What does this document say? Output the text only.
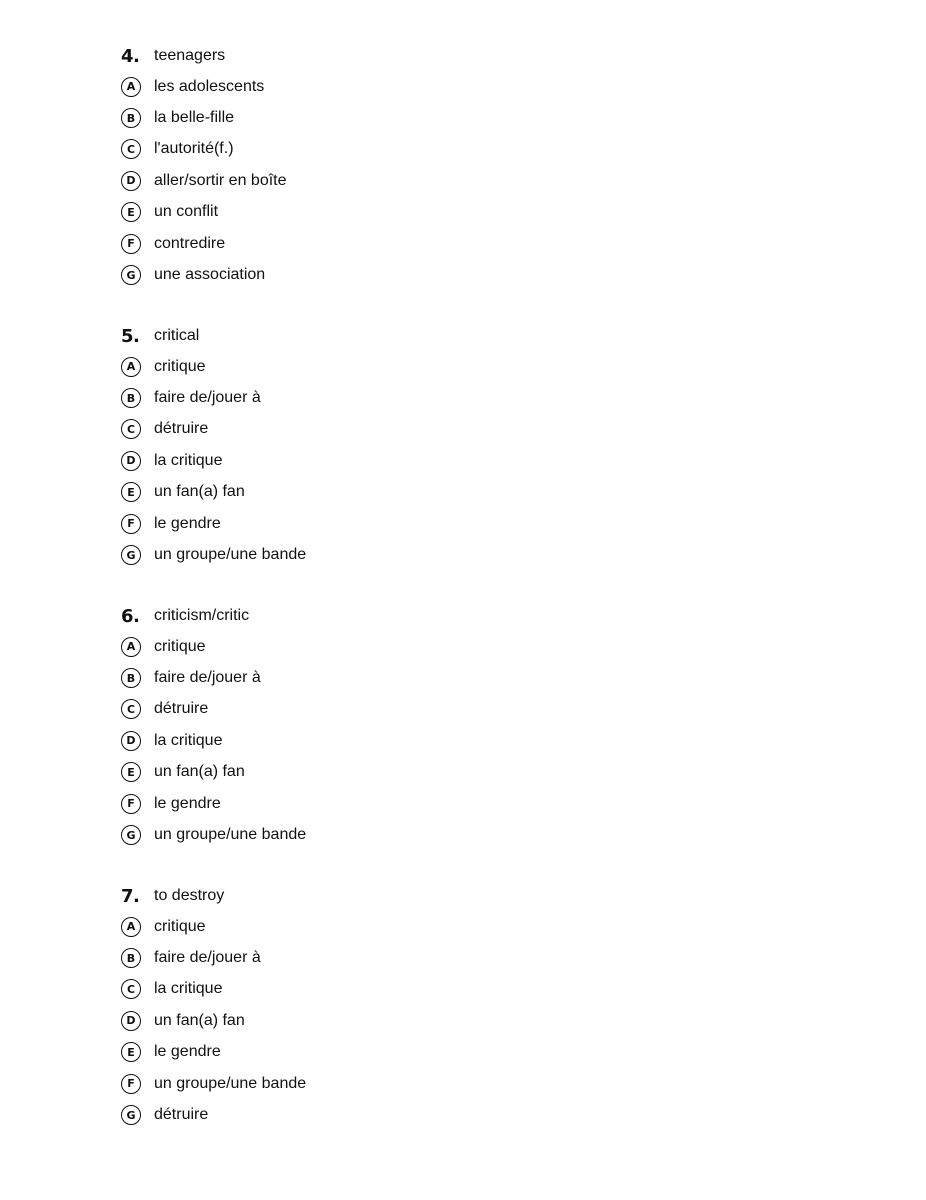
4. teenagers
A	les adolescents
B	la belle-fille
C	l'autorité(f.)
D	aller/sortir en boîte
E	un conflit
F	contredire
G	une association
5. critical
A	critique
B	faire de/jouer à
C	détruire
D	la critique
E	un fan(a) fan
F	le gendre
G	un groupe/une bande
6. criticism/critic
A	critique
B	faire de/jouer à
C	détruire
D	la critique
E	un fan(a) fan
F	le gendre
G	un groupe/une bande
7. to destroy
A	critique
B	faire de/jouer à
C	la critique
D	un fan(a) fan
E	le gendre
F	un groupe/une bande
G	détruire
